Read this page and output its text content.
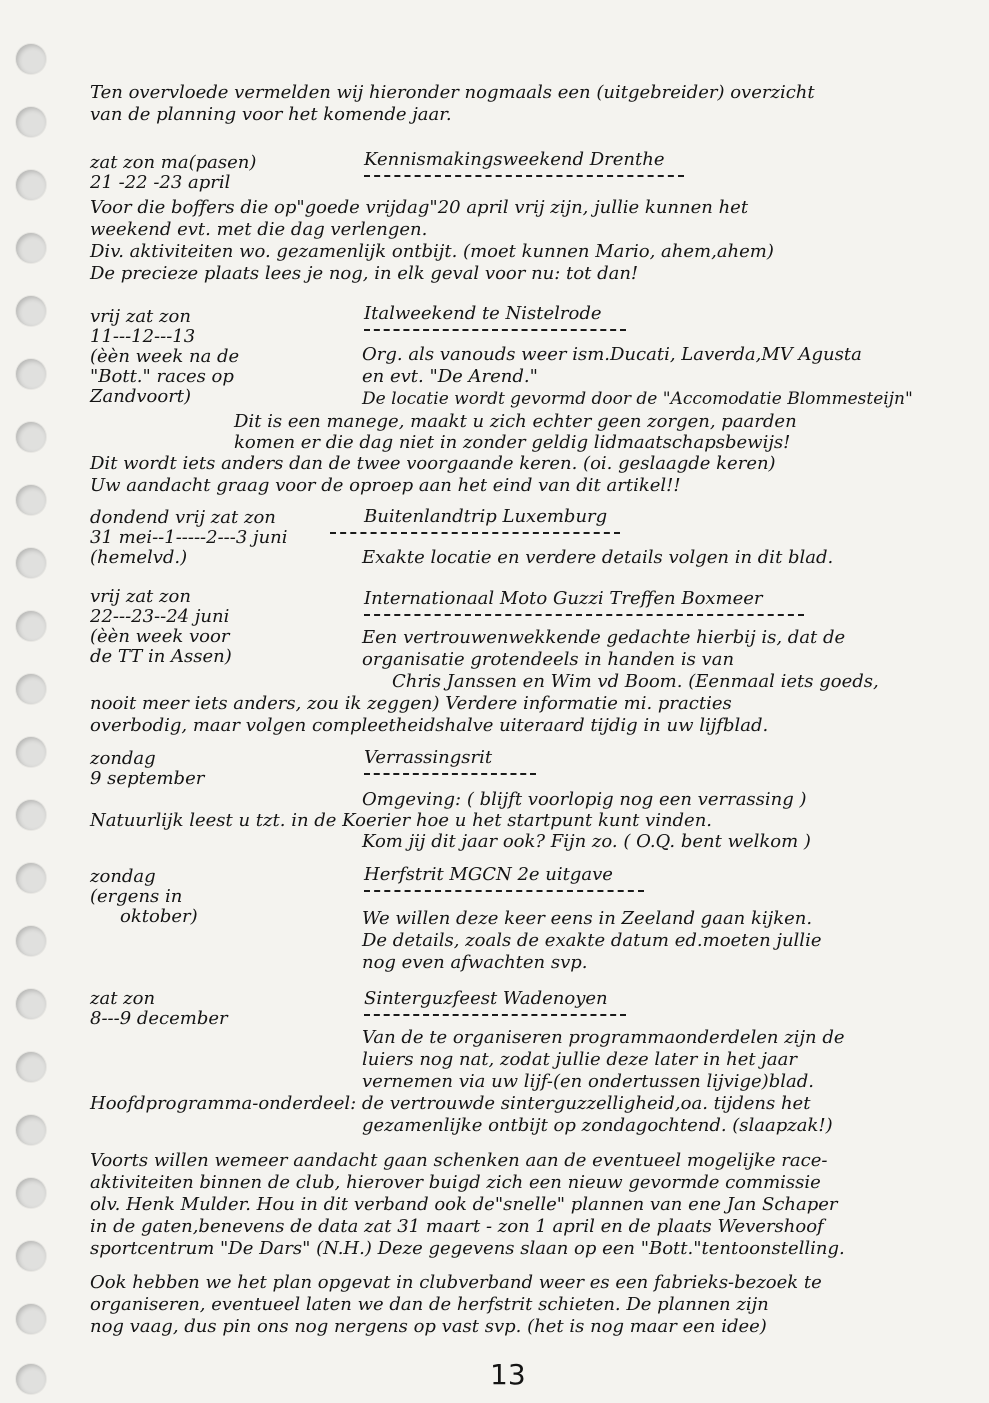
Ten overvloede vermelden wij hieronder nogmaals een (uitgebreider) overzicht
van de planning voor het komende jaar.
zat zon ma(pasen)
21 -22 -23 april
Kennismakingsweekend Drenthe
Voor die boffers die op"goede vrijdag"20 april vrij zijn, jullie kunnen het
weekend evt. met die dag verlengen.
Div. aktiviteiten wo. gezamenlijk ontbijt. (moet kunnen Mario, ahem,ahem)
De precieze plaats lees je nog, in elk geval voor nu: tot dan!
vrij zat zon
11---12---13
(èèn week na de
"Bott." races op
Zandvoort)
Italweekend te Nistelrode
Org. als vanouds weer ism.Ducati, Laverda,MV Agusta
en evt. "De Arend."
De locatie wordt gevormd door de "Accomodatie Blommesteijn"
Dit is een manege, maakt u zich echter geen zorgen, paarden
komen er die dag niet in zonder geldig lidmaatschapsbewijs!
Dit wordt iets anders dan de twee voorgaande keren. (oi. geslaagde keren)
Uw aandacht graag voor de oproep aan het eind van dit artikel!!
dondend vrij zat zon
31 mei--1-----2---3 juni
(hemelvd.)
Buitenlandtrip Luxemburg
Exakte locatie en verdere details volgen in dit blad.
vrij zat zon
22---23--24 juni
(èèn week voor
de TT in Assen)
Internationaal Moto Guzzi Treffen Boxmeer
Een vertrouwenwekkende gedachte hierbij is, dat de
organisatie grotendeels in handen is van
Chris Janssen en Wim vd Boom. (Eenmaal iets goeds,
nooit meer iets anders, zou ik zeggen) Verdere informatie mi. practies
overbodig, maar volgen compleetheidshalve uiteraard tijdig in uw lijfblad.
zondag
9 september
Verrassingsrit
Omgeving: ( blijft voorlopig nog een verrassing )
Natuurlijk leest u tzt. in de Koerier hoe u het startpunt kunt vinden.
Kom jij dit jaar ook? Fijn zo. ( O.Q. bent welkom )
zondag
(ergens in
oktober)
Herfstrit MGCN 2e uitgave
We willen deze keer eens in Zeeland gaan kijken.
De details, zoals de exakte datum ed.moeten jullie
nog even afwachten svp.
zat zon
8---9 december
Sinterguzfeest Wadenoyen
Van de te organiseren programmaonderdelen zijn de
luiers nog nat, zodat jullie deze later in het jaar
vernemen via uw lijf-(en ondertussen lijvige)blad.
Hoofdprogramma-onderdeel: de vertrouwde sinterguzzelligheid,oa. tijdens het
gezamenlijke ontbijt op zondagochtend. (slaapzak!)
Voorts willen wemeer aandacht gaan schenken aan de eventueel mogelijke race-
aktiviteiten binnen de club, hierover buigd zich een nieuw gevormde commissie
olv. Henk Mulder. Hou in dit verband ook de"snelle" plannen van ene Jan Schaper
in de gaten,benevens de data zat 31 maart - zon 1 april en de plaats Wevershoof
sportcentrum "De Dars" (N.H.) Deze gegevens slaan op een "Bott."tentoonstelling.
Ook hebben we het plan opgevat in clubverband weer es een fabrieks-bezoek te
organiseren, eventueel laten we dan de herfstrit schieten. De plannen zijn
nog vaag, dus pin ons nog nergens op vast svp. (het is nog maar een idee)
13
